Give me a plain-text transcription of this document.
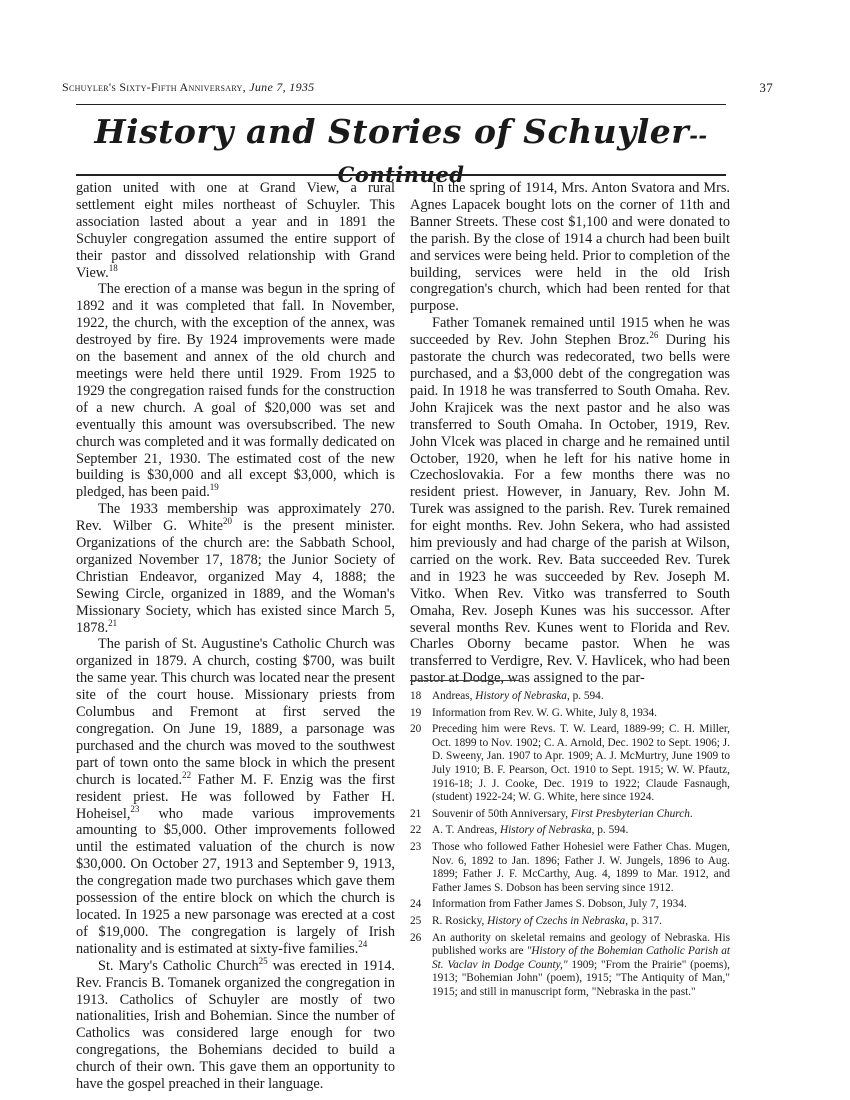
Schuyler's Sixty-Fifth Anniversary, June 7, 1935	37
History and Stories of Schuyler-- Continued

gation united with one at Grand View, a rural settlement eight miles northeast of Schuyler. This association lasted about a year and in 1891 the Schuyler congregation assumed the entire support of their pastor and dissolved relationship with Grand View.$^{18}$

The erection of a manse was begun in the spring of 1892 and it was completed that fall. In November, 1922, the church, with the exception of the annex, was destroyed by fire. By 1924 improvements were made on the basement and annex of the old church and meetings were held there until 1929. From 1925 to 1929 the congregation raised funds for the construction of a new church. A goal of $20,000 was set and eventually this amount was oversubscribed. The new church was completed and it was formally dedicated on September 21, 1930. The estimated cost of the new building is $30,000 and all except $3,000, which is pledged, has been paid.$^{19}$

The 1933 membership was approximately 270. Rev. Wilber G. White$^{20}$ is the present minister. Organizations of the church are: the Sabbath School, organized November 17, 1878; the Junior Society of Christian Endeavor, organized May 4, 1888; the Sewing Circle, organized in 1889, and the Woman's Missionary Society, which has existed since March 5, 1878.21

The parish of St. Augustine's Catholic Church was organized in 1879. A church, costing $700, was built the same year. This church was located near the present site of the court house. Missionary priests from Columbus and Fremont at first served the congregation. On June 19, 1889, a parsonage was purchased and the church was moved to the southwest part of town onto the same block in which the present church is located.$^{22}$ Father M. F. Enzig was the first resident priest. He was followed by Father H. Hoheisel,$^{23}$ who made various improvements amounting to $5,000. Other improvements followed until the estimated valuation of the church is now $30,000. On October 27, 1913 and September 9, 1913, the congregation made two purchases which gave them possession of the entire block on which the church is located. In 1925 a new parsonage was erected at a cost of $19,000. The congregation is largely of Irish nationality and is estimated at sixty-five families.$^{24}$

St. Mary's Catholic Church$^{25}$ was erected in 1914. Rev. Francis B. Tomanek organized the congregation in 1913. Catholics of Schuyler are mostly of two nationalities, Irish and Bohemian. Since the number of Catholics was considered large enough for two congregations, the Bohemians decided to build a church of their own. This gave them an opportunity to have the gospel preached in their language.

In the spring of 1914, Mrs. Anton Svatora and Mrs. Agnes Lapacek bought lots on the corner of 11th and Banner Streets. These cost $1,100 and were donated to the parish. By the close of 1914 a church had been built and services were being held. Prior to completion of the building, services were held in the old Irish congregation's church, which had been rented for that purpose.

Father Tomanek remained until 1915 when he was succeeded by Rev. John Stephen Broz.$^{26}$ During his pastorate the church was redecorated, two bells were purchased, and a $3,000 debt of the congregation was paid. In 1918 he was transferred to South Omaha. Rev. John Krajicek was the next pastor and he also was transferred to South Omaha. In October, 1919, Rev. John Vlcek was placed in charge and he remained until October, 1920, when he left for his native home in Czechoslovakia. For a few months there was no resident priest. However, in January, Rev. John M. Turek was assigned to the parish. Rev. Turek remained for eight months. Rev. John Sekera, who had assisted him previously and had charge of the parish at Wilson, carried on the work. Rev. Bata succeeded Rev. Turek and in 1923 he was succeeded by Rev. Joseph M. Vitko. When Rev. Vitko was transferred to South Omaha, Rev. Joseph Kunes was his successor. After several months Rev. Kunes went to Florida and Rev. Charles Oborny became pastor. When he was transferred to Verdigre, Rev. V. Havlicek, who had been pastor at Dodge, was assigned to the par-

18 Andreas, History of Nebraska, p. 594.
19 Information from Rev. W. G. White, July 8, 1934.
20 Preceding him were Revs. T. W. Leard, 1889-99; C. H. Miller, Oct. 1899 to Nov. 1902; C. A. Arnold, Dec. 1902 to Sept. 1906; J. D. Sweeny, Jan. 1907 to Apr. 1909; A. J. McMurtry, June 1909 to July 1910; B. F. Pearson, Oct. 1910 to Sept. 1915; W. W. Pfautz, 1916-18; J. J. Cooke, Dec. 1919 to 1922; Claude Fasnaugh, (student) 1922-24; W. G. White, here since 1924.
21 Souvenir of 50th Anniversary, First Presbyterian Church.
22 A. T. Andreas, History of Nebraska, p. 594.
23 Those who followed Father Hohesiel were Father Chas. Mugen, Nov. 6, 1892 to Jan. 1896; Father J. W. Jungels, 1896 to Aug. 1899; Father J. F. McCarthy, Aug. 4, 1899 to Mar. 1912, and Father James S. Dobson has been serving since 1912.
24 Information from Father James S. Dobson, July 7, 1934.
25 R. Rosicky, History of Czechs in Nebraska, p. 317.
26 An authority on skeletal remains and geology of Nebraska. His published works are "History of the Bohemian Catholic Parish at St. Vaclav in Dodge County," 1909; "From the Prairie" (poems), 1913; "Bohemian John" (poem), 1915; "The Antiquity of Man," 1915; and still in manuscript form, "Nebraska in the past."
